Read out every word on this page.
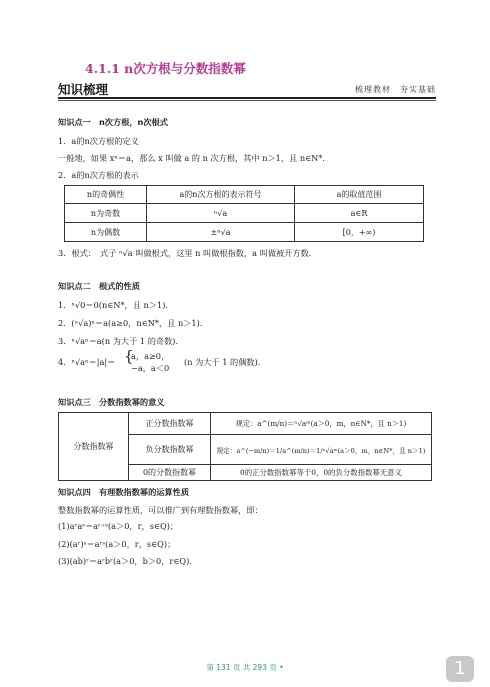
4.1.1 n次方根与分数指数幂
知识梳理	梳理教材　夯实基础
知识点一　n次方根，n次根式
1．a的n次方根的定义
一般地，如果 xⁿ＝a，那么 x 叫做 a 的 n 次方根，其中 n＞1，且 n∈N*．
2．a的n次方根的表示
n的奇偶性	a的n次方根的表示符号	a的取值范围
n为奇数	ⁿ√a	a∈R
n为偶数	±ⁿ√a	[0，+∞)
3．根式：　式子 ⁿ√a 叫做根式，这里 n 叫做根指数，a 叫做被开方数．
知识点二　根式的性质
1．ⁿ√0＝0(n∈N*，且 n＞1)．
2．(ⁿ√a)ⁿ＝a(a≥0，n∈N*，且 n＞1)．
3．ⁿ√aⁿ＝a(n 为大于 1 的奇数)．
4．ⁿ√aⁿ＝|a|＝ {
a，a≥0，
−a，a＜0
(n 为大于 1 的偶数)．
知识点三　分数指数幂的意义
分数指数幂	正分数指数幂	规定：a^(m/n)＝ⁿ√aᵐ(a＞0，m，n∈N*，且 n＞1)
	负分数指数幂	规定：a^(−m/n)＝1/a^(m/n)＝1/ⁿ√aᵐ(a＞0，m，n∈N*，且 n＞1)
	0的分数指数幂	0的正分数指数幂等于0，0的负分数指数幂无意义
知识点四　有理数指数幂的运算性质
整数指数幂的运算性质，可以推广到有理数指数幂，即：
(1)aʳaˢ＝aʳ⁺ˢ(a＞0，r，s∈Q)；
(2)(aʳ)ˢ＝aʳˢ(a＞0，r，s∈Q)；
(3)(ab)ʳ＝aʳbʳ(a＞0，b＞0，r∈Q)．
第 131 页 共 293 页 •	1
